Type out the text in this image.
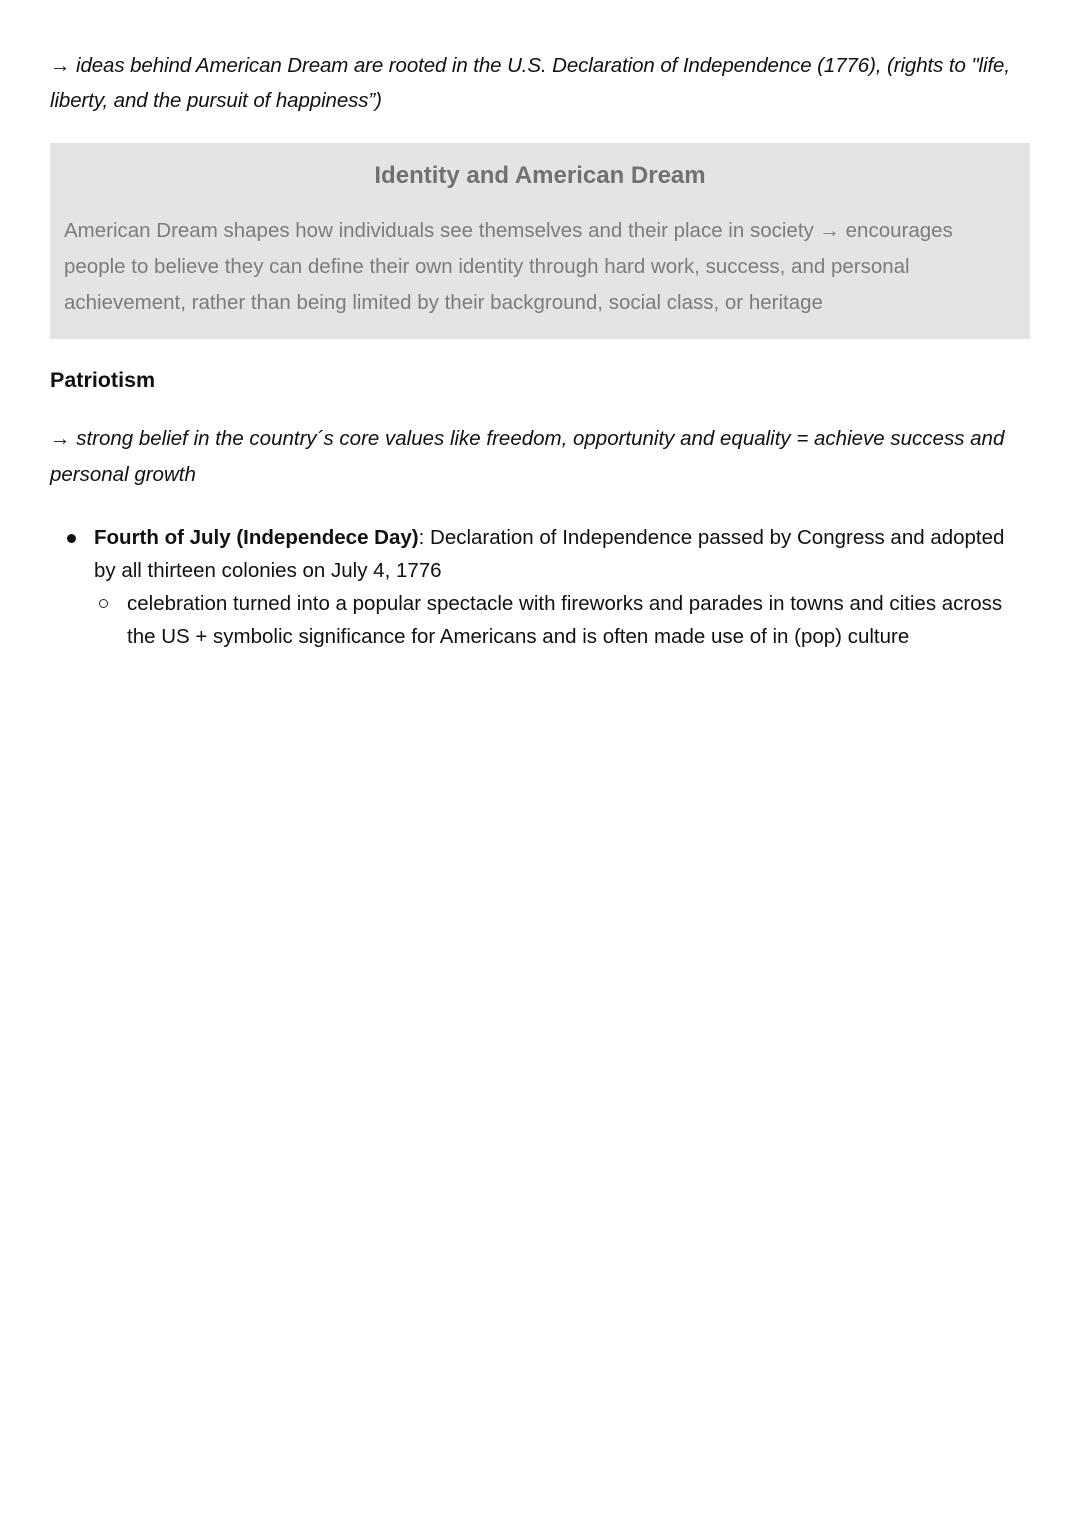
→ ideas behind American Dream are rooted in the U.S. Declaration of Independence (1776), (rights to "life, liberty, and the pursuit of happiness”)

Identity and American Dream

American Dream shapes how individuals see themselves and their place in society → encourages people to believe they can define their own identity through hard work, success, and personal achievement, rather than being limited by their background, social class, or heritage

Patriotism

→ strong belief in the country´s core values like freedom, opportunity and equality = achieve success and personal growth

Fourth of July (Independece Day): Declaration of Independence passed by Congress and adopted by all thirteen colonies on July 4, 1776
celebration turned into a popular spectacle with fireworks and parades in towns and cities across the US + symbolic significance for Americans and is often made use of in (pop) culture
